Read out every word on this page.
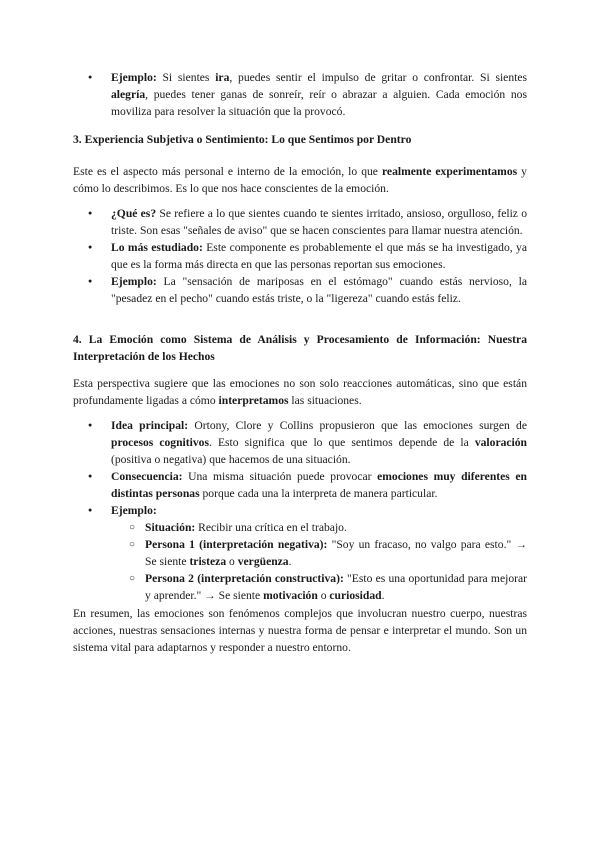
● Ejemplo: Si sientes ira, puedes sentir el impulso de gritar o confrontar. Si sientes alegría, puedes tener ganas de sonreír, reír o abrazar a alguien. Cada emoción nos moviliza para resolver la situación que la provocó.
3. Experiencia Subjetiva o Sentimiento: Lo que Sentimos por Dentro

Este es el aspecto más personal e interno de la emoción, lo que realmente experimentamos y cómo lo describimos. Es lo que nos hace conscientes de la emoción.

● ¿Qué es? Se refiere a lo que sientes cuando te sientes irritado, ansioso, orgulloso, feliz o triste. Son esas "señales de aviso" que se hacen conscientes para llamar nuestra atención.
● Lo más estudiado: Este componente es probablemente el que más se ha investigado, ya que es la forma más directa en que las personas reportan sus emociones.
● Ejemplo: La "sensación de mariposas en el estómago" cuando estás nervioso, la "pesadez en el pecho" cuando estás triste, o la "ligereza" cuando estás feliz.
4. La Emoción como Sistema de Análisis y Procesamiento de Información: Nuestra Interpretación de los Hechos

Esta perspectiva sugiere que las emociones no son solo reacciones automáticas, sino que están profundamente ligadas a cómo interpretamos las situaciones.

● Idea principal: Ortony, Clore y Collins propusieron que las emociones surgen de procesos cognitivos. Esto significa que lo que sentimos depende de la valoración (positiva o negativa) que hacemos de una situación.
● Consecuencia: Una misma situación puede provocar emociones muy diferentes en distintas personas porque cada una la interpreta de manera particular.
● Ejemplo:
○ Situación: Recibir una crítica en el trabajo.
○ Persona 1 (interpretación negativa): "Soy un fracaso, no valgo para esto." → Se siente tristeza o vergüenza.
○ Persona 2 (interpretación constructiva): "Esto es una oportunidad para mejorar y aprender." → Se siente motivación o curiosidad.

En resumen, las emociones son fenómenos complejos que involucran nuestro cuerpo, nuestras acciones, nuestras sensaciones internas y nuestra forma de pensar e interpretar el mundo. Son un sistema vital para adaptarnos y responder a nuestro entorno.
